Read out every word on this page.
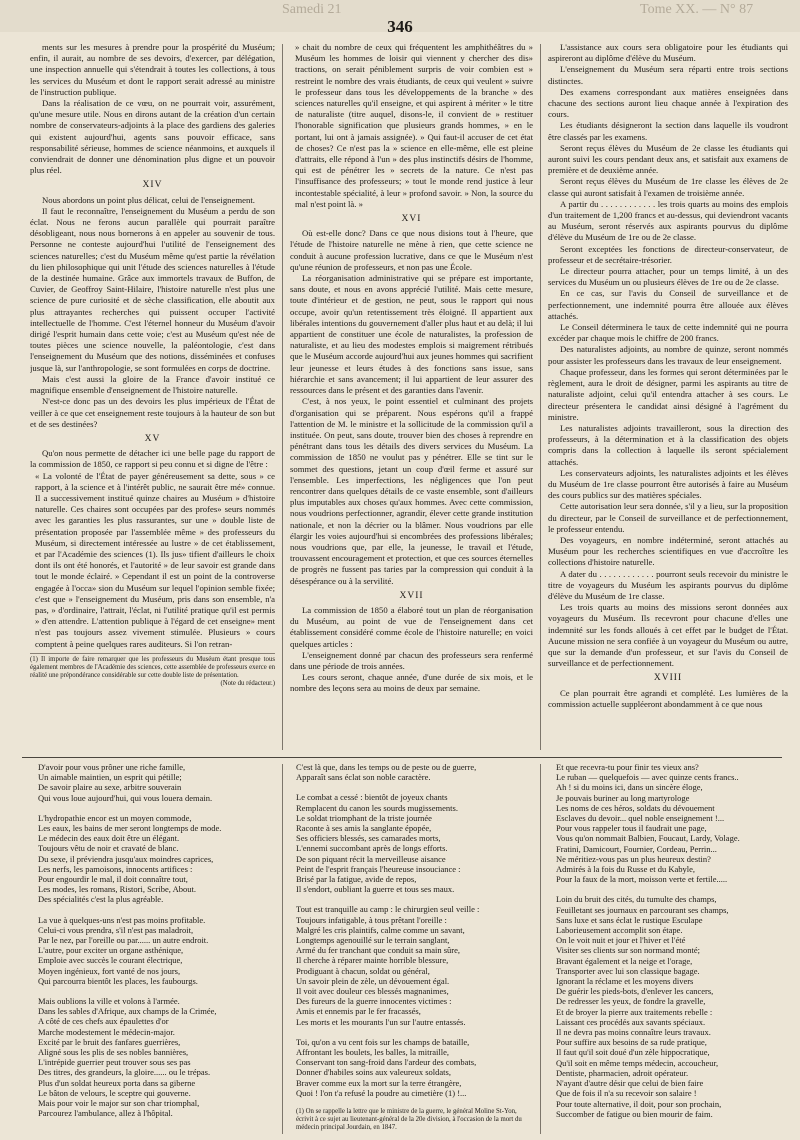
Samedi 21	Tome XX. — N° 87
346

ments sur les mesures à prendre pour la prospérité du Muséum; enfin, il aurait, au nombre de ses devoirs, d'exercer, par délégation, une inspection annuelle qui s'étendrait à toutes les collections, à tous les services du Muséum et dont le rapport serait adressé au ministre de l'instruction publique.

Dans la réalisation de ce vœu, on ne pourrait voir, assurément, qu'une mesure utile. Nous en dirons autant de la création d'un certain nombre de conservateurs-adjoints à la place des gardiens des galeries qui existent aujourd'hui, agents sans pouvoir efficace, sans responsabilité sérieuse, hommes de science néanmoins, et auxquels il conviendrait de donner une dénomination plus digne et un pouvoir plus réel.

XIV

Nous abordons un point plus délicat, celui de l'enseignement.

Il faut le reconnaître, l'enseignement du Muséum a perdu de son éclat. Nous ne ferons aucun parallèle qui pourrait paraître désobligeant, nous nous bornerons à en appeler au souvenir de tous. Personne ne conteste aujourd'hui l'utilité de l'enseignement des sciences naturelles; c'est du Muséum même qu'est partie la révélation du lien philosophique qui unit l'étude des sciences naturelles à l'étude de la destinée humaine. Grâce aux immortels travaux de Buffon, de Cuvier, de Geoffroy Saint-Hilaire, l'histoire naturelle n'est plus une science de pure curiosité et de sèche classification, elle aboutit aux plus attrayantes recherches qui puissent occuper l'activité intellectuelle de l'homme. C'est l'éternel honneur du Muséum d'avoir dirigé l'esprit humain dans cette voie; c'est au Muséum qu'est née de toutes pièces une science nouvelle, la paléontologie, c'est dans l'enseignement du Muséum que des notions, disséminées et confuses jusque là, sur l'anthropologie, se sont formulées en corps de doctrine.

Mais c'est aussi la gloire de la France d'avoir institué ce magnifique ensemble d'enseignement de l'histoire naturelle.

N'est-ce donc pas un des devoirs les plus impérieux de l'État de veiller à ce que cet enseignement reste toujours à la hauteur de son but et de ses destinées?

XV

Qu'on nous permette de détacher ici une belle page du rapport de la commission de 1850, ce rapport si peu connu et si digne de l'être :

« La volonté de l'État de payer généreusement sa dette, sous » ce rapport, à la science et à l'intérêt public, ne saurait être mé» connue. Il a successivement institué quinze chaires au Muséum » d'histoire naturelle. Ces chaires sont occupées par des profes» seurs nommés avec les garanties les plus rassurantes, sur une » double liste de présentation proposée par l'assemblée même » des professeurs du Muséum, si directement intéressée au lustre » de cet établissement, et par l'Académie des sciences (1). Ils jus» tifient d'ailleurs le choix dont ils ont été honorés, et l'autorité » de leur savoir est grande dans tout le monde éclairé. » Cependant il est un point de la controverse engagée à l'occa» sion du Muséum sur lequel l'opinion semble fixée; c'est que » l'enseignement du Muséum, pris dans son ensemble, n'a pas, » d'ordinaire, l'attrait, l'éclat, ni l'utilité pratique qu'il est permis » d'en attendre. L'attention publique à l'égard de cet enseigne» ment n'est pas toujours assez vivement stimulée. Plusieurs » cours comptent à peine quelques rares auditeurs. Si l'on retran-

(1) Il importe de faire remarquer que les professeurs du Muséum étant presque tous également membres de l'Académie des sciences, cette assemblée de professeurs exerce en réalité une prépondérance considérable sur cette double liste de présentation.
(Note du rédacteur.)

» chait du nombre de ceux qui fréquentent les amphithéâtres du » Muséum les hommes de loisir qui viennent y chercher des dis» tractions, on serait péniblement surpris de voir combien est » restreint le nombre des vrais étudiants, de ceux qui veulent » suivre le professeur dans tous les développements de la branche » des sciences naturelles qu'il enseigne, et qui aspirent à mériter » le titre de naturaliste (titre auquel, disons-le, il convient de » restituer l'honorable signification que plusieurs grands hommes, » en le portant, lui ont à jamais assignée). » Qui faut-il accuser de cet état de choses? Ce n'est pas la » science en elle-même, elle est pleine d'attraits, elle répond à l'un » des plus instinctifs désirs de l'homme, qui est de pénétrer les » secrets de la nature. Ce n'est pas l'insuffisance des professeurs; » tout le monde rend justice à leur incontestable spécialité, à leur » profond savoir. » Non, la source du mal n'est point là. »

XVI

Où est-elle donc? Dans ce que nous disions tout à l'heure, que l'étude de l'histoire naturelle ne mène à rien, que cette science ne conduit à aucune profession lucrative, dans ce que le Muséum n'est qu'une réunion de professeurs, et non pas une École.

La réorganisation administrative qui se prépare est importante, sans doute, et nous en avons apprécié l'utilité. Mais cette mesure, toute d'intérieur et de gestion, ne peut, sous le rapport qui nous occupe, avoir qu'un retentissement très éloigné. Il appartient aux libérales intentions du gouvernement d'aller plus haut et au delà; il lui appartient de constituer une école de naturalistes, la profession de naturaliste, et au lieu des modestes emplois si maigrement rétribués que le Muséum accorde aujourd'hui aux jeunes hommes qui sacrifient leur jeunesse et leurs études à des fonctions sans issue, sans hiérarchie et sans avancement; il lui appartient de leur assurer des ressources dans le présent et des garanties dans l'avenir.

C'est, à nos yeux, le point essentiel et culminant des projets d'organisation qui se préparent. Nous espérons qu'il a frappé l'attention de M. le ministre et la sollicitude de la commission qu'il a instituée. On peut, sans doute, trouver bien des choses à reprendre en pénétrant dans tous les détails des divers services du Muséum. La commission de 1850 ne voulut pas y pénétrer. Elle se tint sur le sommet des questions, jetant un coup d'œil ferme et assuré sur l'ensemble. Les imperfections, les négligences que l'on peut rencontrer dans quelques détails de ce vaste ensemble, sont d'ailleurs plus imputables aux choses qu'aux hommes. Avec cette commission, nous voudrions perfectionner, agrandir, élever cette grande institution nationale, et non la décrier ou la blâmer. Nous voudrions par elle élargir les voies aujourd'hui si encombrées des professions libérales; nous voudrions que, par elle, la jeunesse, le travail et l'étude, trouvassent encouragement et protection, et que ces sources éternelles de progrès ne fussent pas taries par la compression qui conduit à la désespérance ou à la servilité.

XVII

La commission de 1850 a élaboré tout un plan de réorganisation du Muséum, au point de vue de l'enseignement dans cet établissement considéré comme école de l'histoire naturelle; en voici quelques articles :

L'enseignement donné par chacun des professeurs sera renfermé dans une période de trois années.

Les cours seront, chaque année, d'une durée de six mois, et le nombre des leçons sera au moins de deux par semaine.

L'assistance aux cours sera obligatoire pour les étudiants qui aspireront au diplôme d'élève du Muséum.

L'enseignement du Muséum sera réparti entre trois sections distinctes.

Des examens correspondant aux matières enseignées dans chacune des sections auront lieu chaque année à l'expiration des cours.

Les étudiants désigneront la section dans laquelle ils voudront être classés par les examens.

Seront reçus élèves du Muséum de 2e classe les étudiants qui auront suivi les cours pendant deux ans, et satisfait aux examens de première et de deuxième année.

Seront reçus élèves du Muséum de 1re classe les élèves de 2e classe qui auront satisfait à l'examen de troisième année.

A partir du . . . . . . . . . . . . les trois quarts au moins des emplois d'un traitement de 1,200 francs et au-dessus, qui deviendront vacants au Muséum, seront réservés aux aspirants pourvus du diplôme d'élève du Muséum de 1re ou de 2e classe.

Seront exceptées les fonctions de directeur-conservateur, de professeur et de secrétaire-trésorier.

Le directeur pourra attacher, pour un temps limité, à un des services du Muséum un ou plusieurs élèves de 1re ou de 2e classe.

En ce cas, sur l'avis du Conseil de surveillance et de perfectionnement, une indemnité pourra être allouée aux élèves attachés.

Le Conseil déterminera le taux de cette indemnité qui ne pourra excéder par chaque mois le chiffre de 200 francs.

Des naturalistes adjoints, au nombre de quinze, seront nommés pour assister les professeurs dans les travaux de leur enseignement.

Chaque professeur, dans les formes qui seront déterminées par le règlement, aura le droit de désigner, parmi les aspirants au titre de naturaliste adjoint, celui qu'il entendra attacher à ses cours. Le directeur présentera le candidat ainsi désigné à l'agrément du ministre.

Les naturalistes adjoints travailleront, sous la direction des professeurs, à la détermination et à la classification des objets compris dans la collection à laquelle ils seront spécialement attachés.

Les conservateurs adjoints, les naturalistes adjoints et les élèves du Muséum de 1re classe pourront être autorisés à faire au Muséum des cours publics sur des matières spéciales.

Cette autorisation leur sera donnée, s'il y a lieu, sur la proposition du directeur, par le Conseil de surveillance et de perfectionnement, le professeur entendu.

Des voyageurs, en nombre indéterminé, seront attachés au Muséum pour les recherches scientifiques en vue d'accroître les collections d'histoire naturelle.

A dater du . . . . . . . . . . . . pourront seuls recevoir du ministre le titre de voyageurs du Muséum les aspirants pourvus du diplôme d'élève du Muséum de 1re classe.

Les trois quarts au moins des missions seront données aux voyageurs du Muséum. Ils recevront pour chacune d'elles une indemnité sur les fonds alloués à cet effet par le budget de l'État. Aucune mission ne sera confiée à un voyageur du Muséum ou autre, que sur la demande d'un professeur, et sur l'avis du Conseil de surveillance et de perfectionnement.

XVIII

Ce plan pourrait être agrandi et complété. Les lumières de la commission actuelle suppléeront abondamment à ce que nous

D'avoir pour vous prôner une riche famille,
Un aimable maintien, un esprit qui pétille;
De savoir plaire au sexe, arbitre souverain
Qui vous loue aujourd'hui, qui vous louera demain.
L'hydropathie encor est un moyen commode,
Les eaux, les bains de mer seront longtemps de mode.
Le médecin des eaux doit être un élégant.
Toujours vêtu de noir et cravaté de blanc.
Du sexe, il préviendra jusqu'aux moindres caprices,
Les nerfs, les pamoisons, innocents artifices :
Pour engourdir le mal, il doit connaître tout,
Les modes, les romans, Ristori, Scribe, About.
Des spécialités c'est la plus agréable.
La vue à quelques-uns n'est pas moins profitable.
Celui-ci vous prendra, s'il n'est pas maladroit,
Par le nez, par l'oreille ou par...... un autre endroit.
L'autre, pour exciter un organe asthénique,
Emploie avec succès le courant électrique,
Moyen ingénieux, fort vanté de nos jours,
Qui parcourra bientôt les places, les faubourgs.
Mais oublions la ville et volons à l'armée.
Dans les sables d'Afrique, aux champs de la Crimée,
A côté de ces chefs aux épaulettes d'or
Marche modestement le médecin-major.
Excité par le bruit des fanfares guerrières,
Aligné sous les plis de ses nobles bannières,
L'intrépide guerrier peut trouver sous ses pas
Des titres, des grandeurs, la gloire...... ou le trépas.
Plus d'un soldat heureux porta dans sa giberne
Le bâton de velours, le sceptre qui gouverne.
Mais pour voir le major sur son char triomphal,
Parcourez l'ambulance, allez à l'hôpital.
C'est là que, dans les temps ou de peste ou de guerre,
Apparaît sans éclat son noble caractère.
Le combat a cessé : bientôt de joyeux chants
Remplacent du canon les sourds mugissements.
Le soldat triomphant de la triste journée
Raconte à ses amis la sanglante épopée,
Ses officiers blessés, ses camarades morts,
L'ennemi succombant après de longs efforts.
De son piquant récit la merveilleuse aisance
Peint de l'esprit français l'heureuse insouciance :
Brisé par la fatigue, avide de repos,
Il s'endort, oubliant la guerre et tous ses maux.
Tout est tranquille au camp : le chirurgien seul veille :
Toujours infatigable, à tous prêtant l'oreille :
Malgré les cris plaintifs, calme comme un savant,
Longtemps agenouillé sur le terrain sanglant,
Armé du fer tranchant que conduit sa main sûre,
Il cherche à réparer mainte horrible blessure,
Prodiguant à chacun, soldat ou général,
Un savoir plein de zèle, un dévouement égal.
Il voit avec douleur ces blessés magnanimes,
Des fureurs de la guerre innocentes victimes :
Amis et ennemis par le fer fracassés,
Les morts et les mourants l'un sur l'autre entassés.
Toi, qu'on a vu cent fois sur les champs de bataille,
Affrontant les boulets, les balles, la mitraille,
Conservant ton sang-froid dans l'ardeur des combats,
Donner d'habiles soins aux valeureux soldats,
Braver comme eux la mort sur la terre étrangère,
Quoi ! l'on t'a refusé la poudre au cimetière (1) !...
(1) On se rappelle la lettre que le ministre de la guerre, le général Moline St-Yon, écrivit à ce sujet au lieutenant-général de la 20e division, à l'occasion de la mort du médecin principal Jourdain, en 1847.
Et que recevra-tu pour finir tes vieux ans?
Le ruban — quelquefois — avec quinze cents francs..
Ah ! si du moins ici, dans un sincère éloge,
Je pouvais buriner au long martyrologe
Les noms de ces héros, soldats du dévouement
Esclaves du devoir... quel noble enseignement !...
Pour vous rappeler tous il faudrait une page,
Vous qu'on nommait Balbien, Foucaut, Lardy, Volage.
Fratini, Damicourt, Fournier, Cordeau, Perrin...
Ne méritiez-vous pas un plus heureux destin?
Admirés à la fois du Russe et du Kabyle,
Pour la faux de la mort, moisson verte et fertile.....
Loin du bruit des cités, du tumulte des champs,
Feuilletant ses journaux en parcourant ses champs,
Sans luxe et sans éclat le rustique Esculape
Laborieusement accomplit son étape.
On le voit nuit et jour et l'hiver et l'été
Visiter ses clients sur son normand monté;
Bravant également et la neige et l'orage,
Transporter avec lui son classique bagage.
Ignorant la réclame et les moyens divers
De guérir les pieds-bots, d'enlever les cancers,
De redresser les yeux, de fondre la gravelle,
Et de broyer la pierre aux traitements rebelle :
Laissant ces procédés aux savants spéciaux.
Il ne devra pas moins connaître leurs travaux.
Pour suffire aux besoins de sa rude pratique,
Il faut qu'il soit doué d'un zèle hippocratique,
Qu'il soit en même temps médecin, accoucheur,
Dentiste, pharmacien, adroit opérateur.
N'ayant d'autre désir que celui de bien faire
Que de fois il n'a su recevoir son salaire !
Pour toute alternative, il doit, pour son prochain,
Succomber de fatigue ou bien mourir de faim.
